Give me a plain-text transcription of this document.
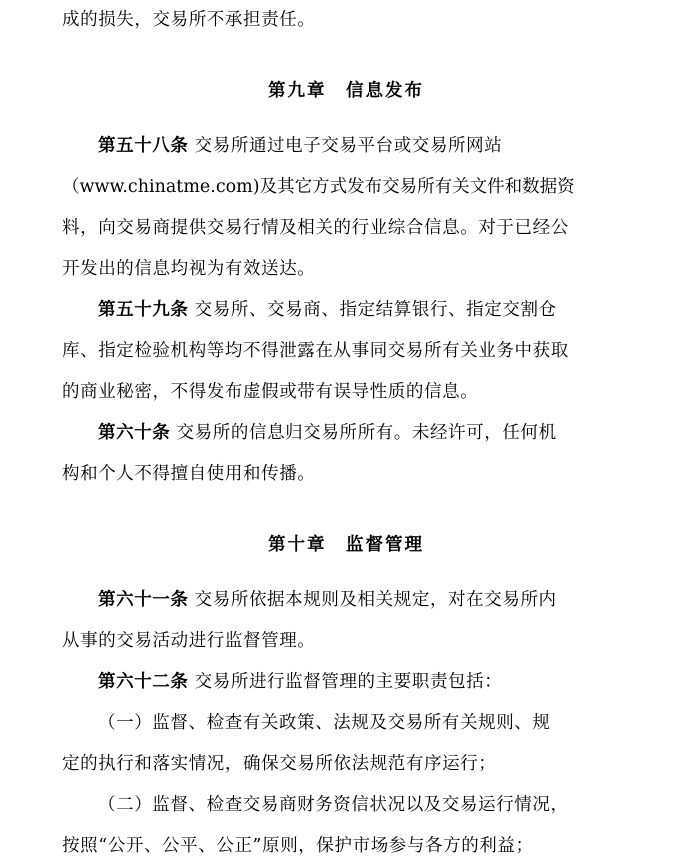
成的损失，交易所不承担责任。
第九章　信息发布
第五十八条 交易所通过电子交易平台或交易所网站
（www.chinatme.com)及其它方式发布交易所有关文件和数据资
料，向交易商提供交易行情及相关的行业综合信息。对于已经公
开发出的信息均视为有效送达。
第五十九条 交易所、交易商、指定结算银行、指定交割仓
库、指定检验机构等均不得泄露在从事同交易所有关业务中获取
的商业秘密，不得发布虚假或带有误导性质的信息。
第六十条 交易所的信息归交易所所有。未经许可，任何机
构和个人不得擅自使用和传播。
第十章　监督管理
第六十一条 交易所依据本规则及相关规定，对在交易所内
从事的交易活动进行监督管理。
第六十二条 交易所进行监督管理的主要职责包括：
（一）监督、检查有关政策、法规及交易所有关规则、规
定的执行和落实情况，确保交易所依法规范有序运行；
（二）监督、检查交易商财务资信状况以及交易运行情况，
按照“公开、公平、公正”原则，保护市场参与各方的利益；
